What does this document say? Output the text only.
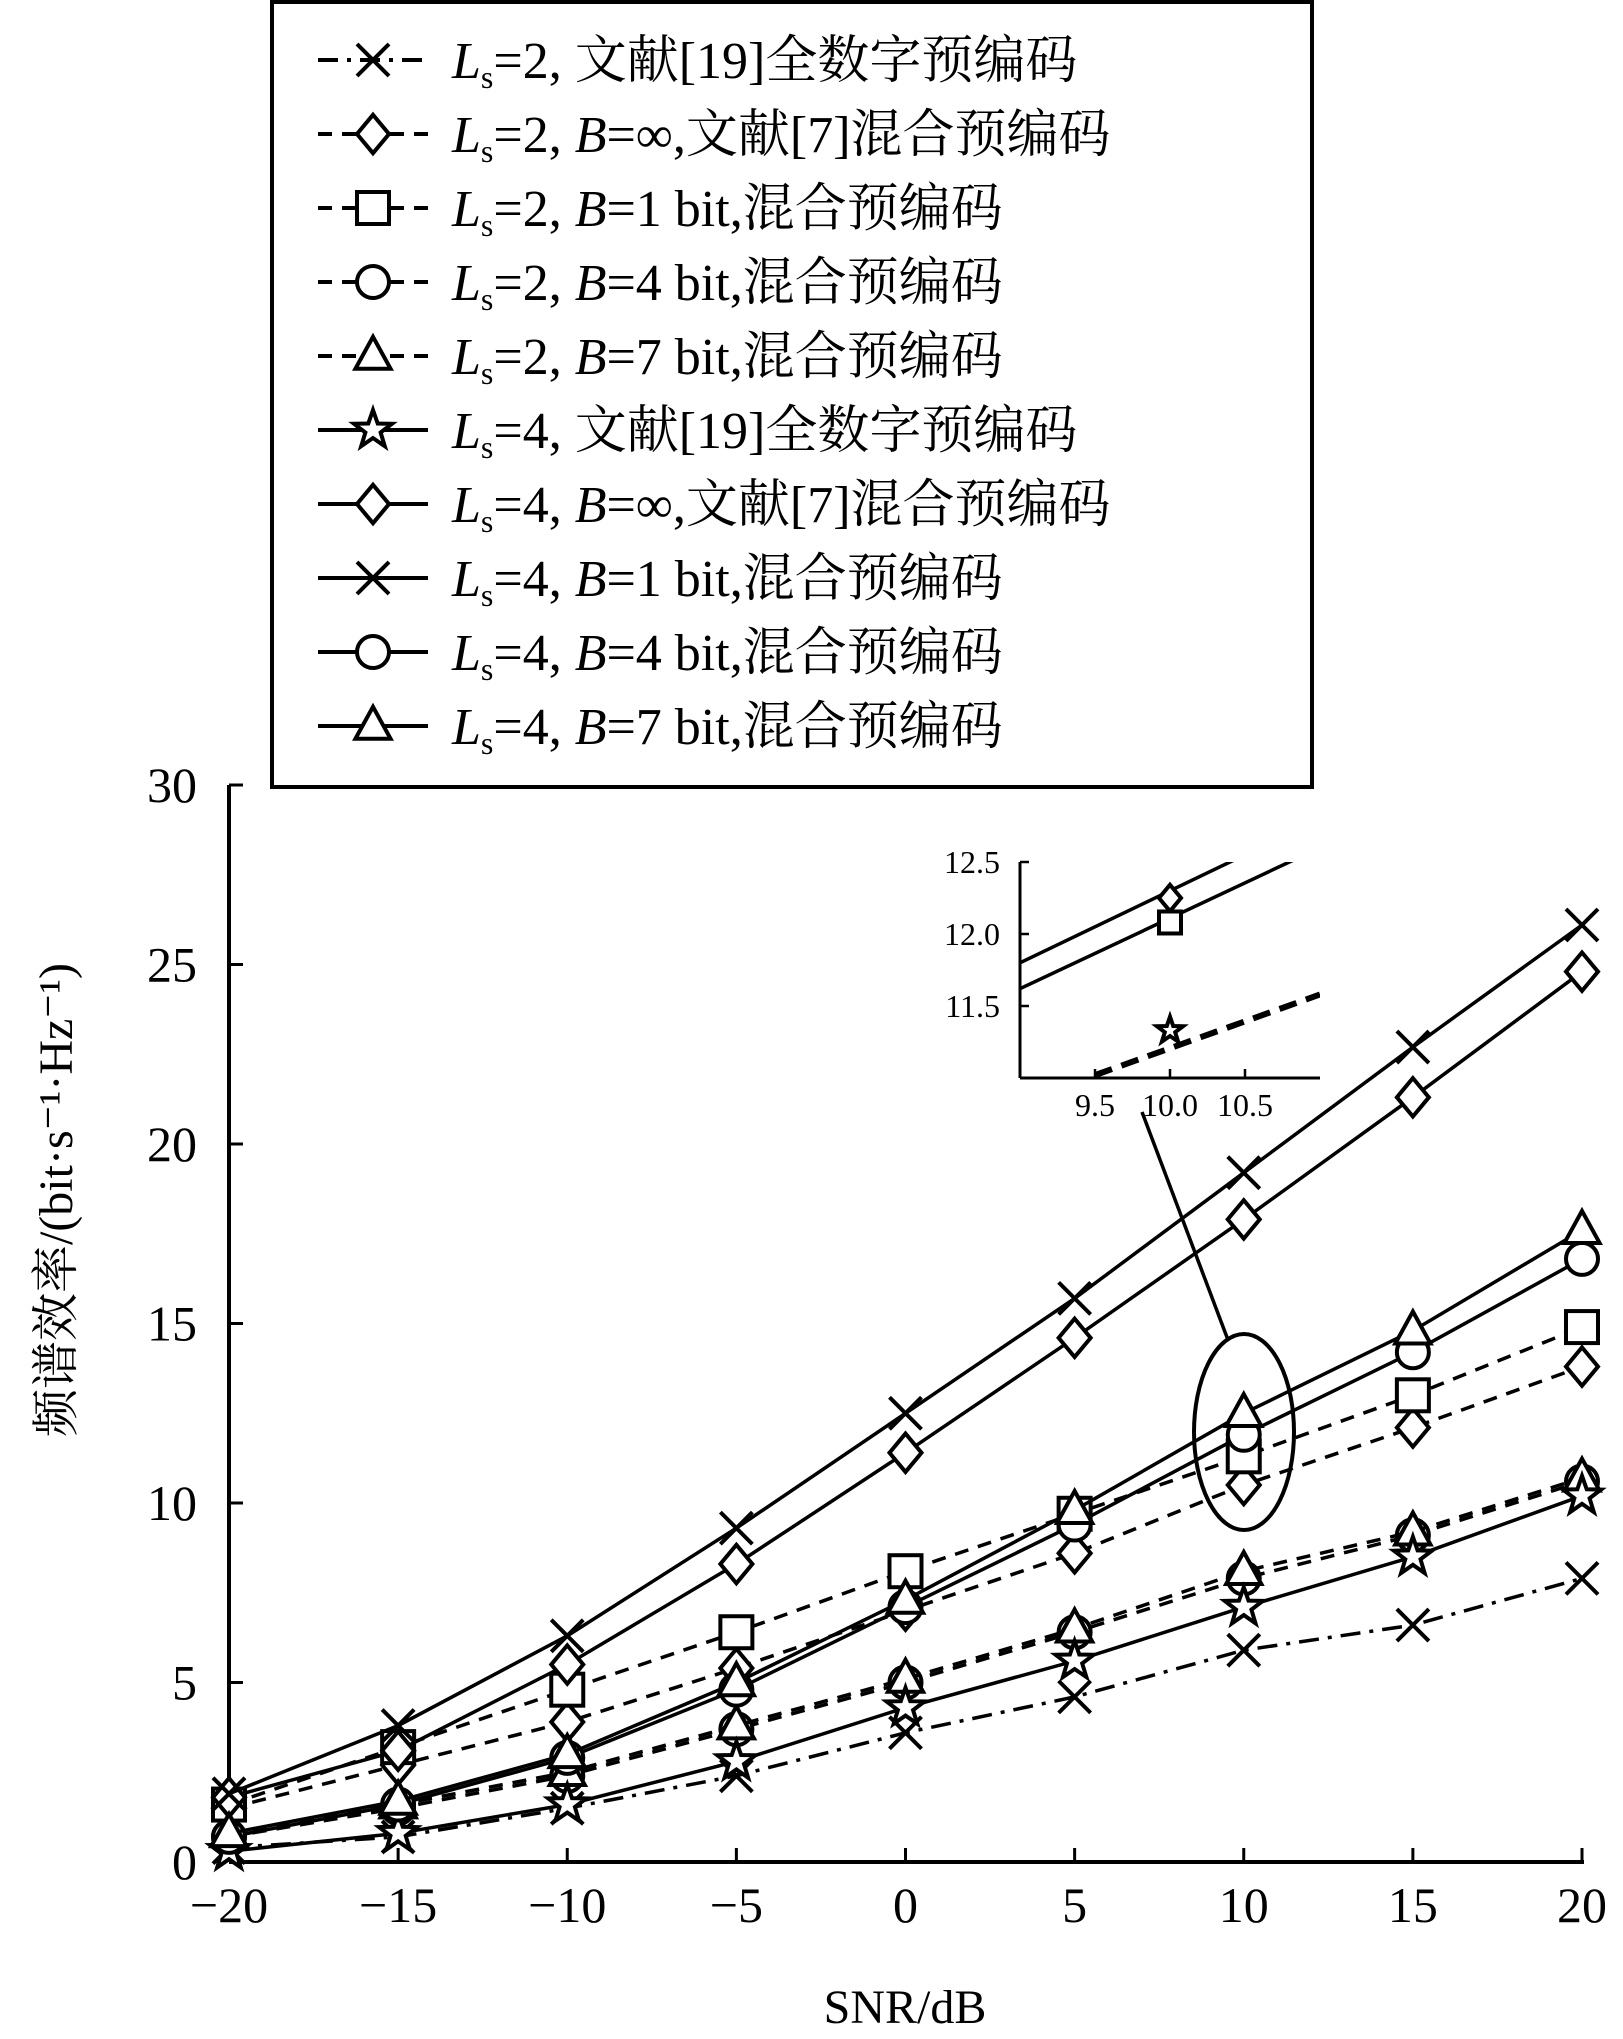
Ls=2, 文献[19]全数字预编码
Ls=2, B=∞,文献[7]混合预编码
Ls=2, B=1 bit,混合预编码
Ls=2, B=4 bit,混合预编码
Ls=2, B=7 bit,混合预编码
Ls=4, 文献[19]全数字预编码
Ls=4, B=∞,文献[7]混合预编码
Ls=4, B=1 bit,混合预编码
Ls=4, B=4 bit,混合预编码
Ls=4, B=7 bit,混合预编码
−20 −15 −10 −5	0	5	10 15 20
0
5
10
15
20
25
30
9.5 10.0 10.5
12.5
12.0
11.5
SNR/dB
频谱效率/(bit·s⁻¹·Hz⁻¹)
